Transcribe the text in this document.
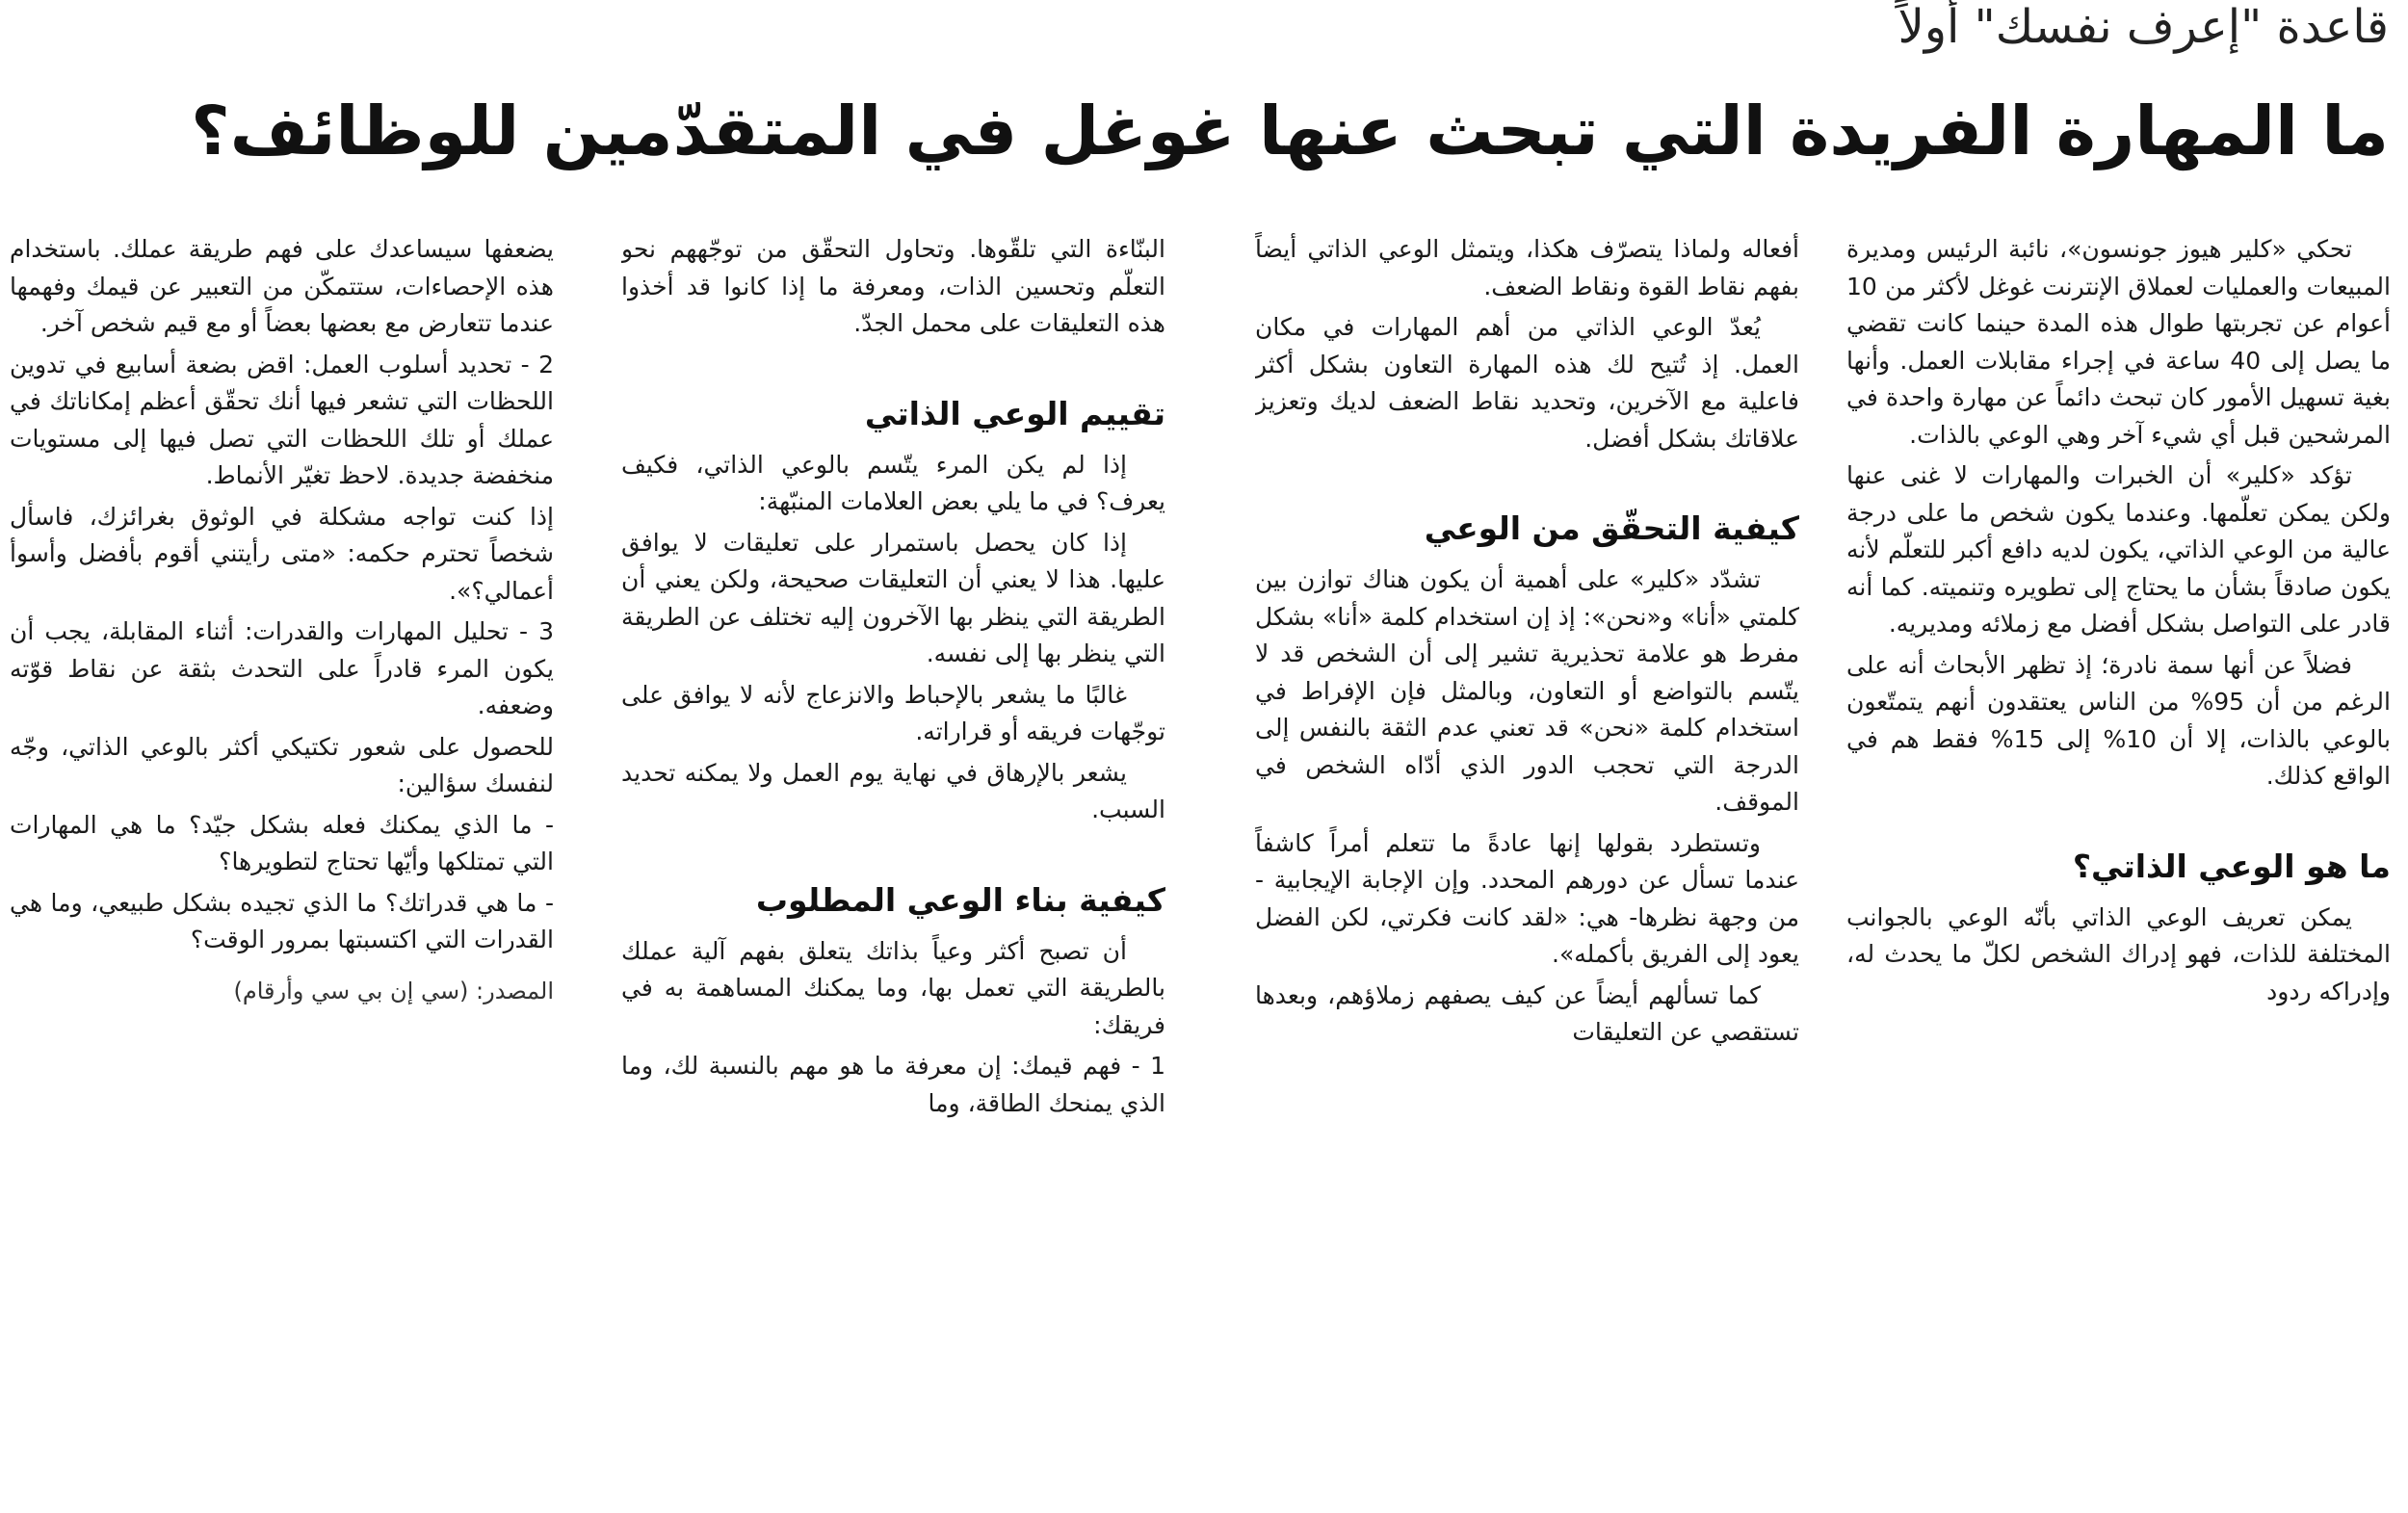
قاعدة "إعرف نفسك" أولاً
ما المهارة الفريدة التي تبحث عنها غوغل في المتقدّمين للوظائف؟

تحكي «كلير هيوز جونسون»، نائبة الرئيس ومديرة المبيعات والعمليات لعملاق الإنترنت غوغل لأكثر من 10 أعوام عن تجربتها طوال هذه المدة حينما كانت تقضي ما يصل إلى 40 ساعة في إجراء مقابلات العمل. وأنها بغية تسهيل الأمور كان تبحث دائماً عن مهارة واحدة في المرشحين قبل أي شيء آخر وهي الوعي بالذات.

تؤكد «كلير» أن الخبرات والمهارات لا غنى عنها ولكن يمكن تعلّمها. وعندما يكون شخص ما على درجة عالية من الوعي الذاتي، يكون لديه دافع أكبر للتعلّم لأنه يكون صادقاً بشأن ما يحتاج إلى تطويره وتنميته. كما أنه قادر على التواصل بشكل أفضل مع زملائه ومديريه.

فضلاً عن أنها سمة نادرة؛ إذ تظهر الأبحاث أنه على الرغم من أن 95% من الناس يعتقدون أنهم يتمتّعون بالوعي بالذات، إلا أن 10% إلى 15% فقط هم في الواقع كذلك.

ما هو الوعي الذاتي؟

يمكن تعريف الوعي الذاتي بأنّه الوعي بالجوانب المختلفة للذات، فهو إدراك الشخص لكلّ ما يحدث له، وإدراكه ردود

أفعاله ولماذا يتصرّف هكذا، ويتمثل الوعي الذاتي أيضاً بفهم نقاط القوة ونقاط الضعف.

يُعدّ الوعي الذاتي من أهم المهارات في مكان العمل. إذ تُتيح لك هذه المهارة التعاون بشكل أكثر فاعلية مع الآخرين، وتحديد نقاط الضعف لديك وتعزيز علاقاتك بشكل أفضل.

كيفية التحقّق من الوعي

تشدّد «كلير» على أهمية أن يكون هناك توازن بين كلمتي «أنا» و«نحن»: إذ إن استخدام كلمة «أنا» بشكل مفرط هو علامة تحذيرية تشير إلى أن الشخص قد لا يتّسم بالتواضع أو التعاون، وبالمثل فإن الإفراط في استخدام كلمة «نحن» قد تعني عدم الثقة بالنفس إلى الدرجة التي تحجب الدور الذي أدّاه الشخص في الموقف.

وتستطرد بقولها إنها عادةً ما تتعلم أمراً كاشفاً عندما تسأل عن دورهم المحدد. وإن الإجابة الإيجابية - من وجهة نظرها- هي: «لقد كانت فكرتي، لكن الفضل يعود إلى الفريق بأكمله».

كما تسألهم أيضاً عن كيف يصفهم زملاؤهم، وبعدها تستقصي عن التعليقات

البنّاءة التي تلقّوها. وتحاول التحقّق من توجّههم نحو التعلّم وتحسين الذات، ومعرفة ما إذا كانوا قد أخذوا هذه التعليقات على محمل الجدّ.

تقييم الوعي الذاتي

إذا لم يكن المرء يتّسم بالوعي الذاتي، فكيف يعرف؟ في ما يلي بعض العلامات المنبّهة:

إذا كان يحصل باستمرار على تعليقات لا يوافق عليها. هذا لا يعني أن التعليقات صحيحة، ولكن يعني أن الطريقة التي ينظر بها الآخرون إليه تختلف عن الطريقة التي ينظر بها إلى نفسه.

غالبًا ما يشعر بالإحباط والانزعاج لأنه لا يوافق على توجّهات فريقه أو قراراته.

يشعر بالإرهاق في نهاية يوم العمل ولا يمكنه تحديد السبب.

كيفية بناء الوعي المطلوب

أن تصبح أكثر وعياً بذاتك يتعلق بفهم آلية عملك بالطريقة التي تعمل بها، وما يمكنك المساهمة به في فريقك:

1 - فهم قيمك: إن معرفة ما هو مهم بالنسبة لك، وما الذي يمنحك الطاقة، وما

يضعفها سيساعدك على فهم طريقة عملك. باستخدام هذه الإحصاءات، ستتمكّن من التعبير عن قيمك وفهمها عندما تتعارض مع بعضها بعضاً أو مع قيم شخص آخر.

2 - تحديد أسلوب العمل: اقض بضعة أسابيع في تدوين اللحظات التي تشعر فيها أنك تحقّق أعظم إمكاناتك في عملك أو تلك اللحظات التي تصل فيها إلى مستويات منخفضة جديدة. لاحظ تغيّر الأنماط.

إذا كنت تواجه مشكلة في الوثوق بغرائزك، فاسأل شخصاً تحترم حكمه: «متى رأيتني أقوم بأفضل وأسوأ أعمالي؟».

3 - تحليل المهارات والقدرات: أثناء المقابلة، يجب أن يكون المرء قادراً على التحدث بثقة عن نقاط قوّته وضعفه.

للحصول على شعور تكتيكي أكثر بالوعي الذاتي، وجّه لنفسك سؤالين:

- ما الذي يمكنك فعله بشكل جيّد؟ ما هي المهارات التي تمتلكها وأيّها تحتاج لتطويرها؟

- ما هي قدراتك؟ ما الذي تجيده بشكل طبيعي، وما هي القدرات التي اكتسبتها بمرور الوقت؟

المصدر: (سي إن بي سي وأرقام)
